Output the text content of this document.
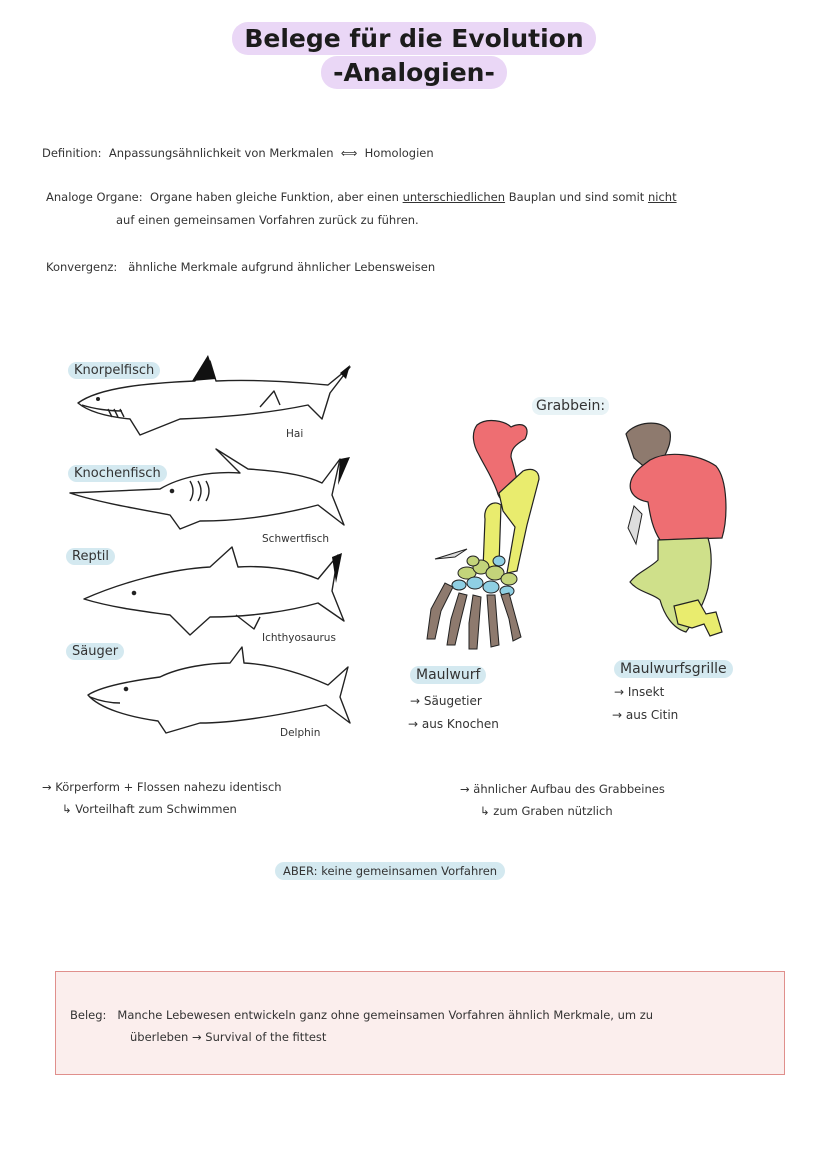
Belege für die Evolution
-Analogien-
Definition: Anpassungsähnlichkeit von Merkmalen ⟺ Homologien
Analoge Organe: Organe haben gleiche Funktion, aber einen unterschiedlichen Bauplan und sind somit nicht
auf einen gemeinsamen Vorfahren zurück zu führen.
Konvergenz: ähnliche Merkmale aufgrund ähnlicher Lebensweisen
Knorpelfisch
Knochenfisch
Reptil
Säuger
Hai
Schwertfisch
Ichthyosaurus
Delphin
Grabbein:
Maulwurf
→ Säugetier
→ aus Knochen
Maulwurfsgrille
→ Insekt
→ aus Citin
→ Körperform + Flossen nahezu identisch
↳ Vorteilhaft zum Schwimmen
→ ähnlicher Aufbau des Grabbeines
↳ zum Graben nützlich
ABER: keine gemeinsamen Vorfahren
Beleg: Manche Lebewesen entwickeln ganz ohne gemeinsamen Vorfahren ähnlich Merkmale, um zu
überleben → Survival of the fittest
